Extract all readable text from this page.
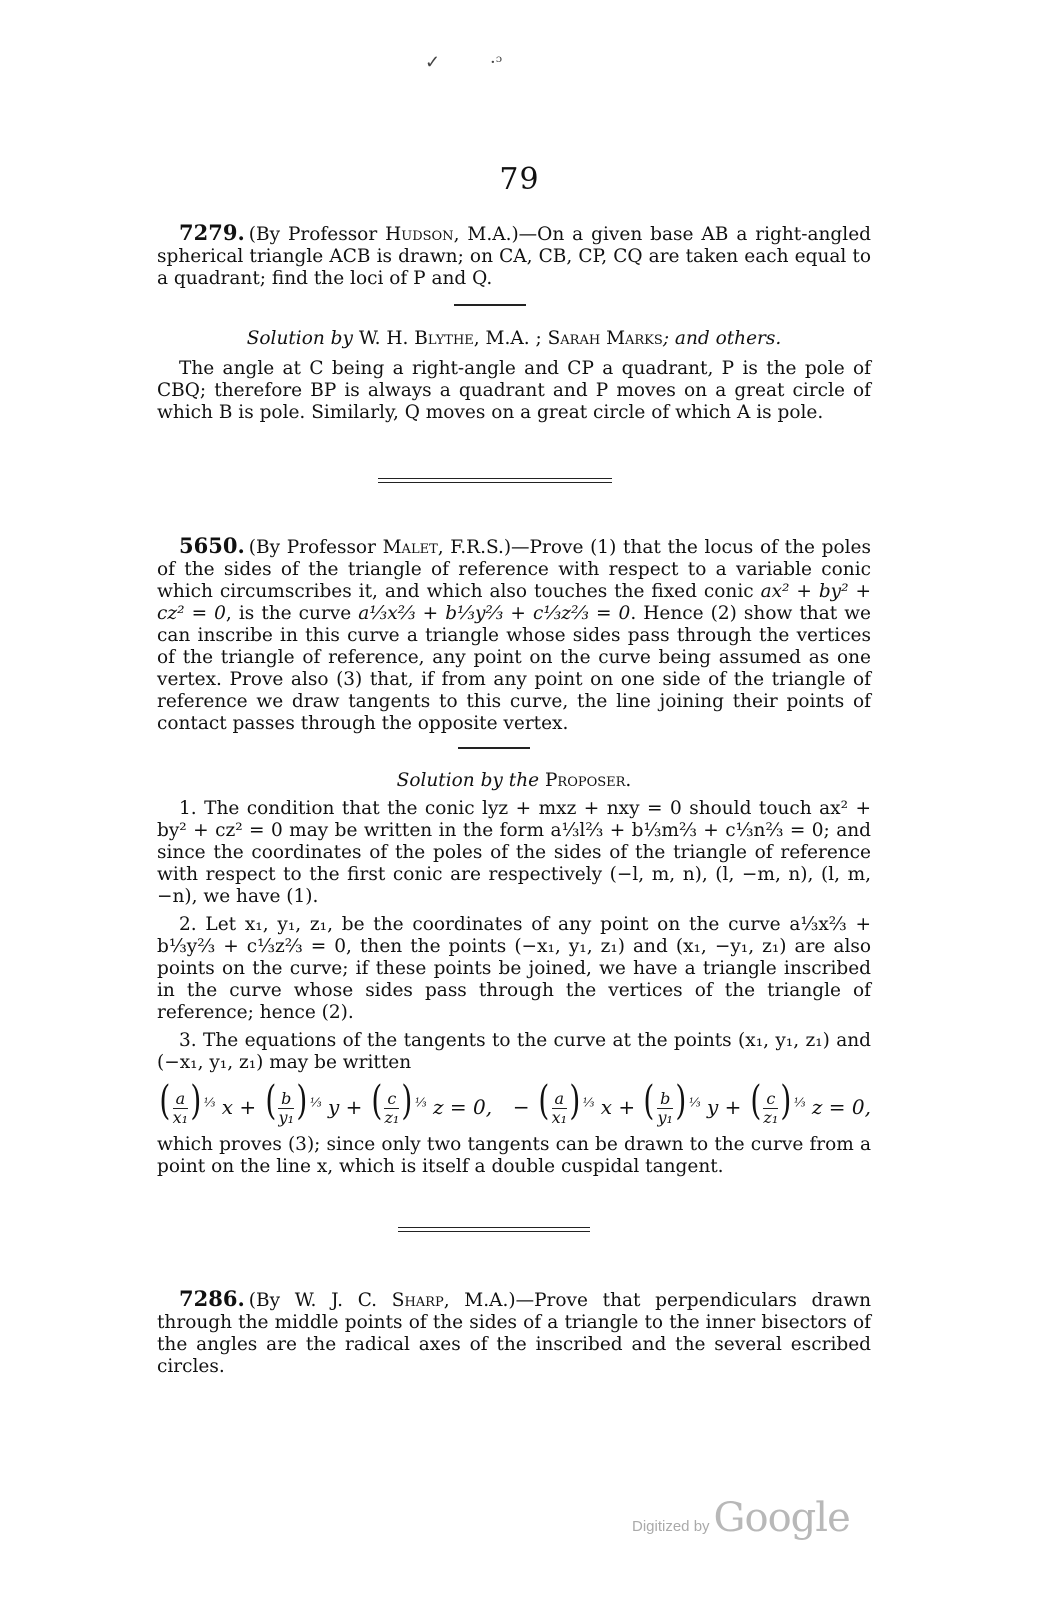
✓	·ᵓ
79

7279. (By Professor Hudson, M.A.)—On a given base AB a right-angled spherical triangle ACB is drawn; on CA, CB, CP, CQ are taken each equal to a quadrant; find the loci of P and Q.

Solution by W. H. Blythe, M.A. ; Sarah Marks; and others.

The angle at C being a right-angle and CP a quadrant, P is the pole of CBQ; therefore BP is always a quadrant and P moves on a great circle of which B is pole. Similarly, Q moves on a great circle of which A is pole.

5650. (By Professor Malet, F.R.S.)—Prove (1) that the locus of the poles of the sides of the triangle of reference with respect to a variable conic which circumscribes it, and which also touches the fixed conic ax² + by² + cz² = 0, is the curve a⅓x⅔ + b⅓y⅔ + c⅓z⅔ = 0. Hence (2) show that we can inscribe in this curve a triangle whose sides pass through the vertices of the triangle of reference, any point on the curve being assumed as one vertex. Prove also (3) that, if from any point on one side of the triangle of reference we draw tangents to this curve, the line joining their points of contact passes through the opposite vertex.

Solution by the Proposer.

1. The condition that the conic lyz + mxz + nxy = 0 should touch ax² + by² + cz² = 0 may be written in the form a⅓l⅔ + b⅓m⅔ + c⅓n⅔ = 0; and since the coordinates of the poles of the sides of the triangle of reference with respect to the first conic are respectively (−l, m, n), (l, −m, n), (l, m, −n), we have (1).

2. Let x₁, y₁, z₁, be the coordinates of any point on the curve a⅓x⅔ + b⅓y⅔ + c⅓z⅔ = 0, then the points (−x₁, y₁, z₁) and (x₁, −y₁, z₁) are also points on the curve; if these points be joined, we have a triangle inscribed in the curve whose sides pass through the vertices of the triangle of reference; hence (2).

3. The equations of the tangents to the curve at the points (x₁, y₁, z₁) and (−x₁, y₁, z₁) may be written

( $\frac{a}{\text{x₁}}$ ) $^{\frac{1}{3}}$ x + ( $\frac{b}{\text{y₁}}$ ) $^{\frac{1}{3}}$ y + ( $\frac{c}{\text{z₁}}$ ) $^{\frac{1}{3}}$ z = 0, − ( $\frac{a}{\text{x₁}}$ ) $^{\frac{1}{3}}$ x + ( $\frac{b}{\text{y₁}}$ ) $^{\frac{1}{3}}$ y + ( $\frac{c}{\text{z₁}}$ ) $^{\frac{1}{3}}$ z = 0,

which proves (3); since only two tangents can be drawn to the curve from a point on the line x, which is itself a double cuspidal tangent.

7286. (By W. J. C. Sharp, M.A.)—Prove that perpendiculars drawn through the middle points of the sides of a triangle to the inner bisectors of the angles are the radical axes of the inscribed and the several escribed circles.

Digitized by Google
